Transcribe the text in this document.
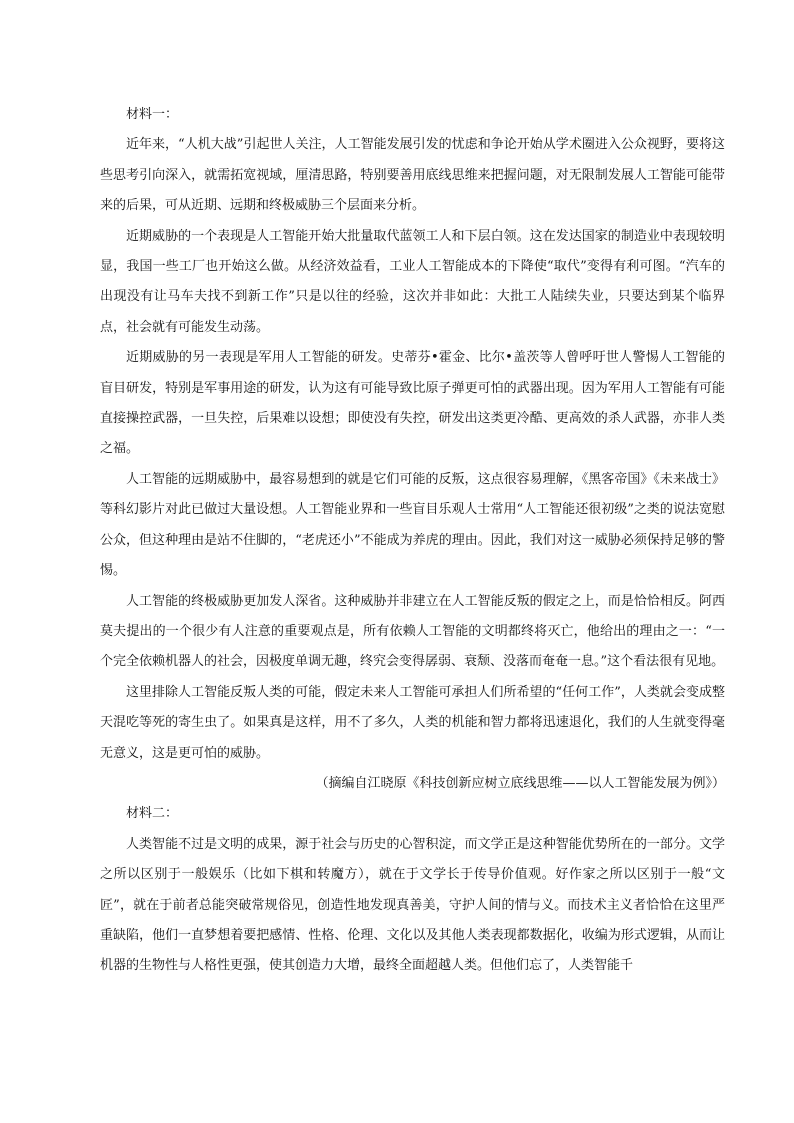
材料一：

近年来，“人机大战”引起世人关注，人工智能发展引发的忧虑和争论开始从学术圈进入公众视野，要将这些思考引向深入，就需拓宽视域，厘清思路，特别要善用底线思维来把握问题，对无限制发展人工智能可能带来的后果，可从近期、远期和终极威胁三个层面来分析。

近期威胁的一个表现是人工智能开始大批量取代蓝领工人和下层白领。这在发达国家的制造业中表现较明显，我国一些工厂也开始这么做。从经济效益看，工业人工智能成本的下降使“取代”变得有利可图。“汽车的出现没有让马车夫找不到新工作”只是以往的经验，这次并非如此：大批工人陆续失业，只要达到某个临界点，社会就有可能发生动荡。

近期威胁的另一表现是军用人工智能的研发。史蒂芬•霍金、比尔•盖茨等人曾呼吁世人警惕人工智能的盲目研发，特别是军事用途的研发，认为这有可能导致比原子弹更可怕的武器出现。因为军用人工智能有可能直接操控武器，一旦失控，后果难以设想；即使没有失控，研发出这类更冷酷、更高效的杀人武器，亦非人类之福。

人工智能的远期威胁中，最容易想到的就是它们可能的反叛，这点很容易理解，《黑客帝国》《未来战士》等科幻影片对此已做过大量设想。人工智能业界和一些盲目乐观人士常用“人工智能还很初级”之类的说法宽慰公众，但这种理由是站不住脚的，“老虎还小”不能成为养虎的理由。因此，我们对这一威胁必须保持足够的警惕。

人工智能的终极威胁更加发人深省。这种威胁并非建立在人工智能反叛的假定之上，而是恰恰相反。阿西莫夫提出的一个很少有人注意的重要观点是，所有依赖人工智能的文明都终将灭亡，他给出的理由之一：“一个完全依赖机器人的社会，因极度单调无趣，终究会变得孱弱、衰颓、没落而奄奄一息。”这个看法很有见地。

这里排除人工智能反叛人类的可能，假定未来人工智能可承担人们所希望的“任何工作”，人类就会变成整天混吃等死的寄生虫了。如果真是这样，用不了多久，人类的机能和智力都将迅速退化，我们的人生就变得毫无意义，这是更可怕的威胁。

（摘编自江晓原《科技创新应树立底线思维——以人工智能发展为例》）

材料二：

人类智能不过是文明的成果，源于社会与历史的心智积淀，而文学正是这种智能优势所在的一部分。文学之所以区别于一般娱乐（比如下棋和转魔方），就在于文学长于传导价值观。好作家之所以区别于一般“文匠”，就在于前者总能突破常规俗见，创造性地发现真善美，守护人间的情与义。而技术主义者恰恰在这里严重缺陷，他们一直梦想着要把感情、性格、伦理、文化以及其他人类表现都数据化，收编为形式逻辑，从而让机器的生物性与人格性更强，使其创造力大增，最终全面超越人类。但他们忘了，人类智能千
